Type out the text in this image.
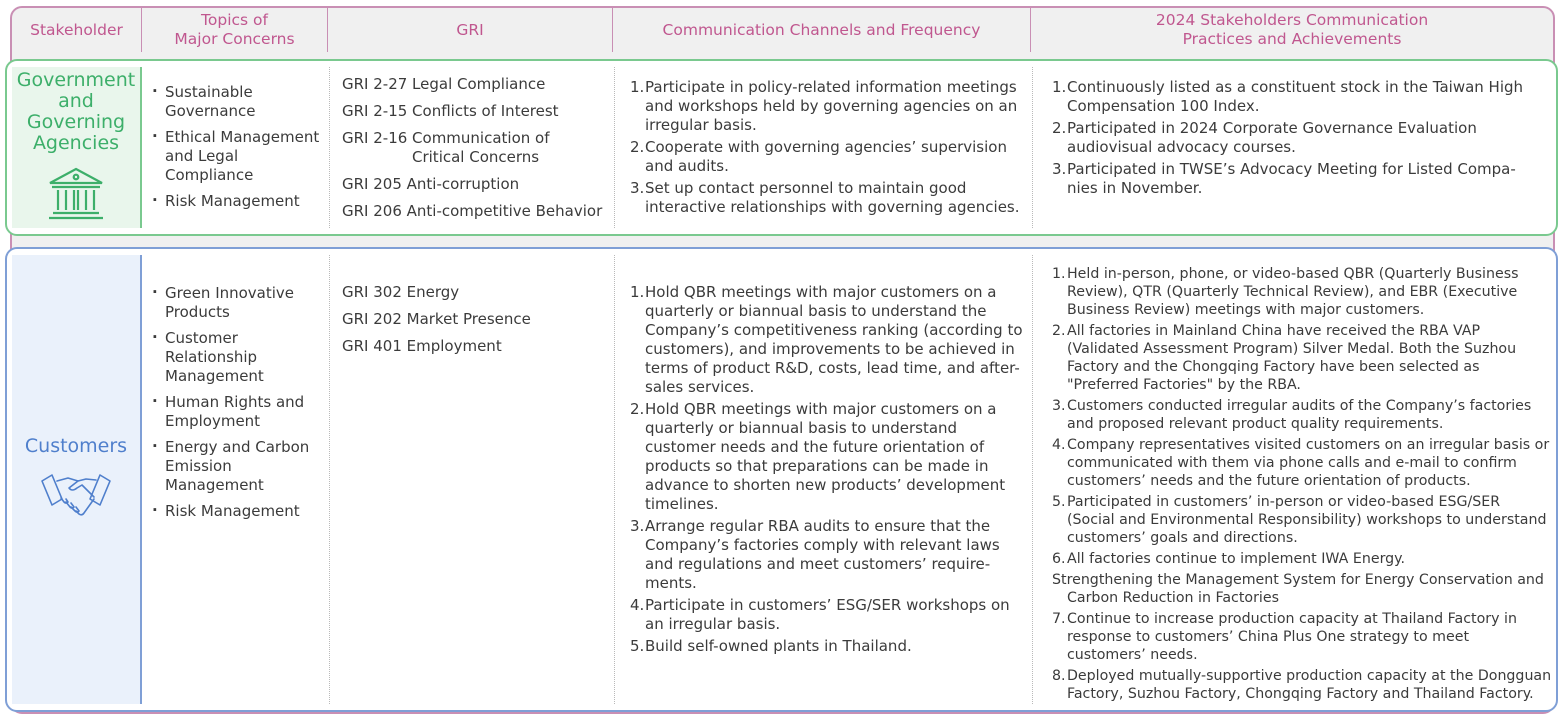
Stakeholder
Topics of
Major Concerns
GRI	Communication Channels and Frequency
2024 Stakeholders Communication
Practices and Achievements
Government
and
Governing
Agencies
· Sustainable Governance
· Ethical Management and Legal Compliance
· Risk Management
GRI 2-27 Legal Compliance
GRI 2-15 Conflicts of Interest
GRI 2-16 Communication of
Critical Concerns
GRI 205 Anti-corruption
GRI 206 Anti-competitive Behavior
1. Participate in policy-related information meetings and workshops held by governing agencies on an irregular basis.
2. Cooperate with governing agencies’ supervision and audits.
3. Set up contact personnel to maintain good interactive relationships with governing agencies.
1. Continuously listed as a constituent stock in the Taiwan High Compensation 100 Index.
2. Participated in 2024 Corporate Governance Evaluation audiovisual advocacy courses.
3. Participated in TWSE’s Advocacy Meeting for Listed Compa-nies in November.
Customers
· Green Innovative Products
· Customer Relationship Management
· Human Rights and Employment
· Energy and Carbon Emission Management
· Risk Management
GRI 302 Energy
GRI 202 Market Presence
GRI 401 Employment
1. Hold QBR meetings with major customers on a quarterly or biannual basis to understand the Company’s competitiveness ranking (according to customers), and improvements to be achieved in terms of product R&D, costs, lead time, and after-sales services.
2. Hold QBR meetings with major customers on a quarterly or biannual basis to understand customer needs and the future orientation of products so that preparations can be made in advance to shorten new products’ development timelines.
3. Arrange regular RBA audits to ensure that the Company’s factories comply with relevant laws and regulations and meet customers’ require-ments.
4. Participate in customers’ ESG/SER workshops on an irregular basis.
5. Build self-owned plants in Thailand.
1. Held in-person, phone, or video-based QBR (Quarterly Business Review), QTR (Quarterly Technical Review), and EBR (Executive Business Review) meetings with major customers.
2. All factories in Mainland China have received the RBA VAP (Validated Assessment Program) Silver Medal. Both the Suzhou Factory and the Chongqing Factory have been selected as "Preferred Factories" by the RBA.
3. Customers conducted irregular audits of the Company’s factories and proposed relevant product quality requirements.
4. Company representatives visited customers on an irregular basis or communicated with them via phone calls and e-mail to confirm customers’ needs and the future orientation of products.
5. Participated in customers’ in-person or video-based ESG/SER (Social and Environmental Responsibility) workshops to understand customers’ goals and directions.
6. All factories continue to implement IWA Energy.
Strengthening the Management System for Energy Conservation and
Carbon Reduction in Factories
7. Continue to increase production capacity at Thailand Factory in response to customers’ China Plus One strategy to meet customers’ needs.
8. Deployed mutually-supportive production capacity at the Dongguan Factory, Suzhou Factory, Chongqing Factory and Thailand Factory.
